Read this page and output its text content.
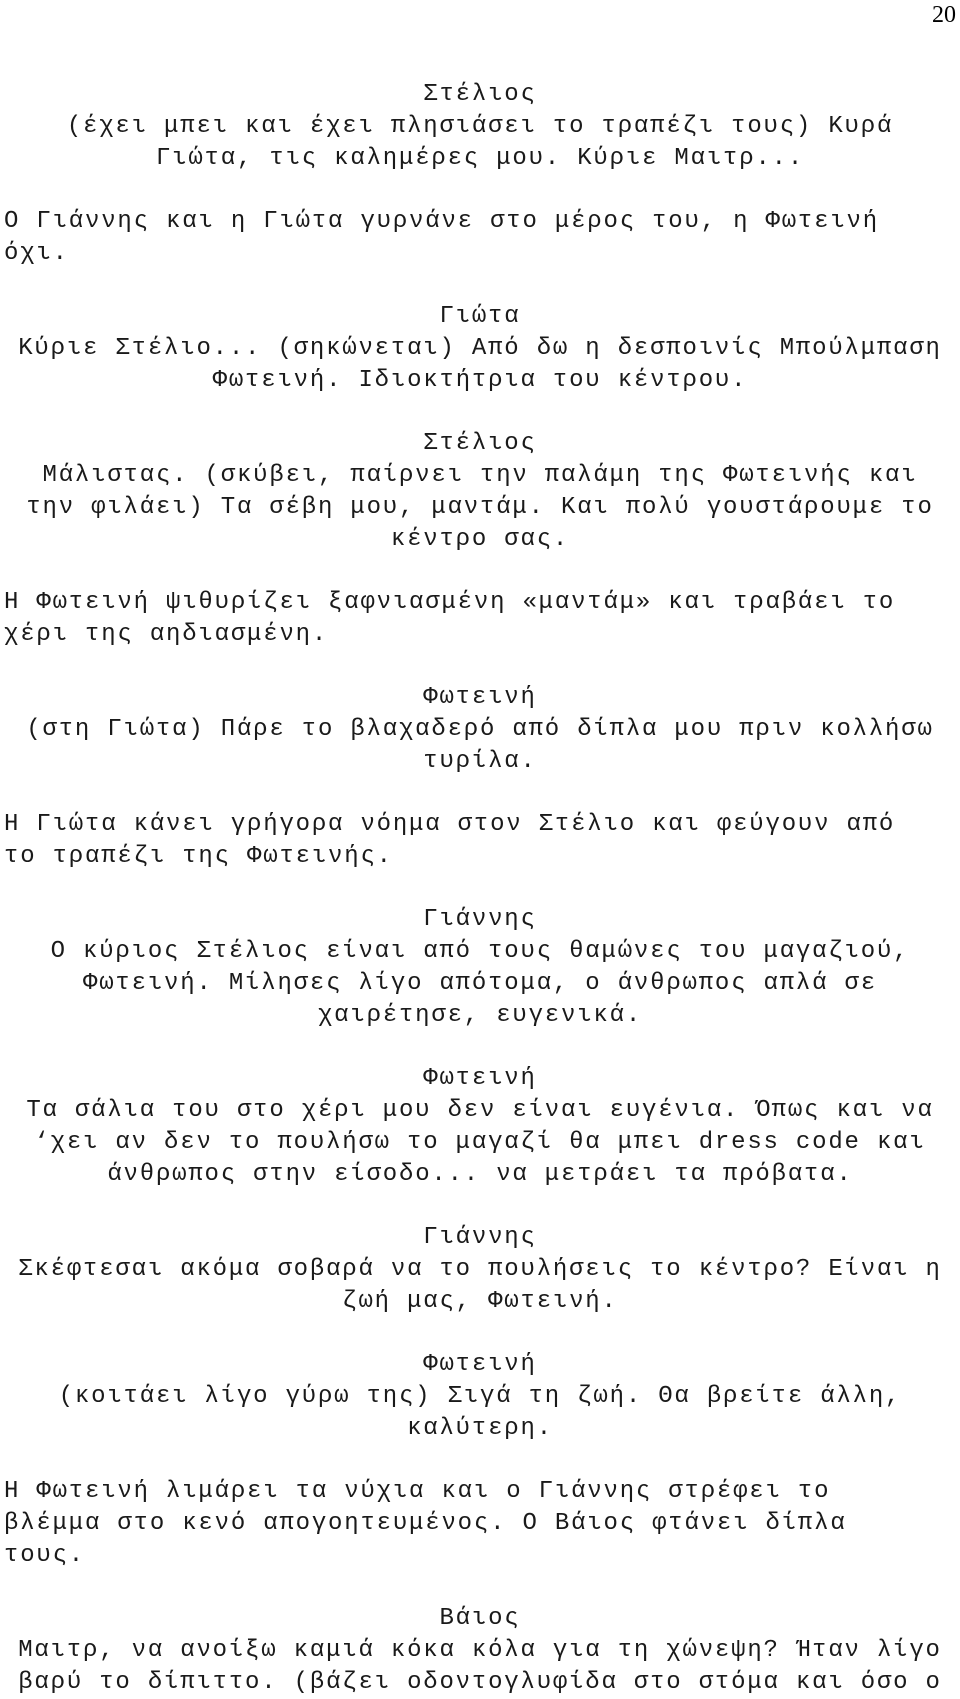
20
Στέλιος
(έχει μπει και έχει πλησιάσει το τραπέζι τους) Κυρά
Γιώτα, τις καλημέρες μου. Κύριε Μαιτρ...
Ο Γιάννης και η Γιώτα γυρνάνε στο μέρος του, η Φωτεινή
όχι.
Γιώτα
Κύριε Στέλιο... (σηκώνεται) Από δω η δεσποινίς Μπούλμπαση
Φωτεινή. Ιδιοκτήτρια του κέντρου.
Στέλιος
Μάλιστας. (σκύβει, παίρνει την παλάμη της Φωτεινής και
την φιλάει) Τα σέβη μου, μαντάμ. Και πολύ γουστάρουμε το
κέντρο σας.
Η Φωτεινή ψιθυρίζει ξαφνιασμένη «μαντάμ» και τραβάει το
χέρι της αηδιασμένη.
Φωτεινή
(στη Γιώτα) Πάρε το βλαχαδερό από δίπλα μου πριν κολλήσω
τυρίλα.
Η Γιώτα κάνει γρήγορα νόημα στον Στέλιο και φεύγουν από
το τραπέζι της Φωτεινής.
Γιάννης
Ο κύριος Στέλιος είναι από τους θαμώνες του μαγαζιού,
Φωτεινή. Μίλησες λίγο απότομα, ο άνθρωπος απλά σε
χαιρέτησε, ευγενικά.
Φωτεινή
Τα σάλια του στο χέρι μου δεν είναι ευγένια. Όπως και να
‘χει αν δεν το πουλήσω το μαγαζί θα μπει dress code και
άνθρωπος στην είσοδο... να μετράει τα πρόβατα.
Γιάννης
Σκέφτεσαι ακόμα σοβαρά να το πουλήσεις το κέντρο? Είναι η
ζωή μας, Φωτεινή.
Φωτεινή
(κοιτάει λίγο γύρω της) Σιγά τη ζωή. Θα βρείτε άλλη,
καλύτερη.
Η Φωτεινή λιμάρει τα νύχια και ο Γιάννης στρέφει το
βλέμμα στο κενό απογοητευμένος. Ο Βάιος φτάνει δίπλα
τους.
Βάιος
Μαιτρ, να ανοίξω καμιά κόκα κόλα για τη χώνεψη? Ήταν λίγο
βαρύ το δίπιττο. (βάζει οδοντογλυφίδα στο στόμα και όσο ο
